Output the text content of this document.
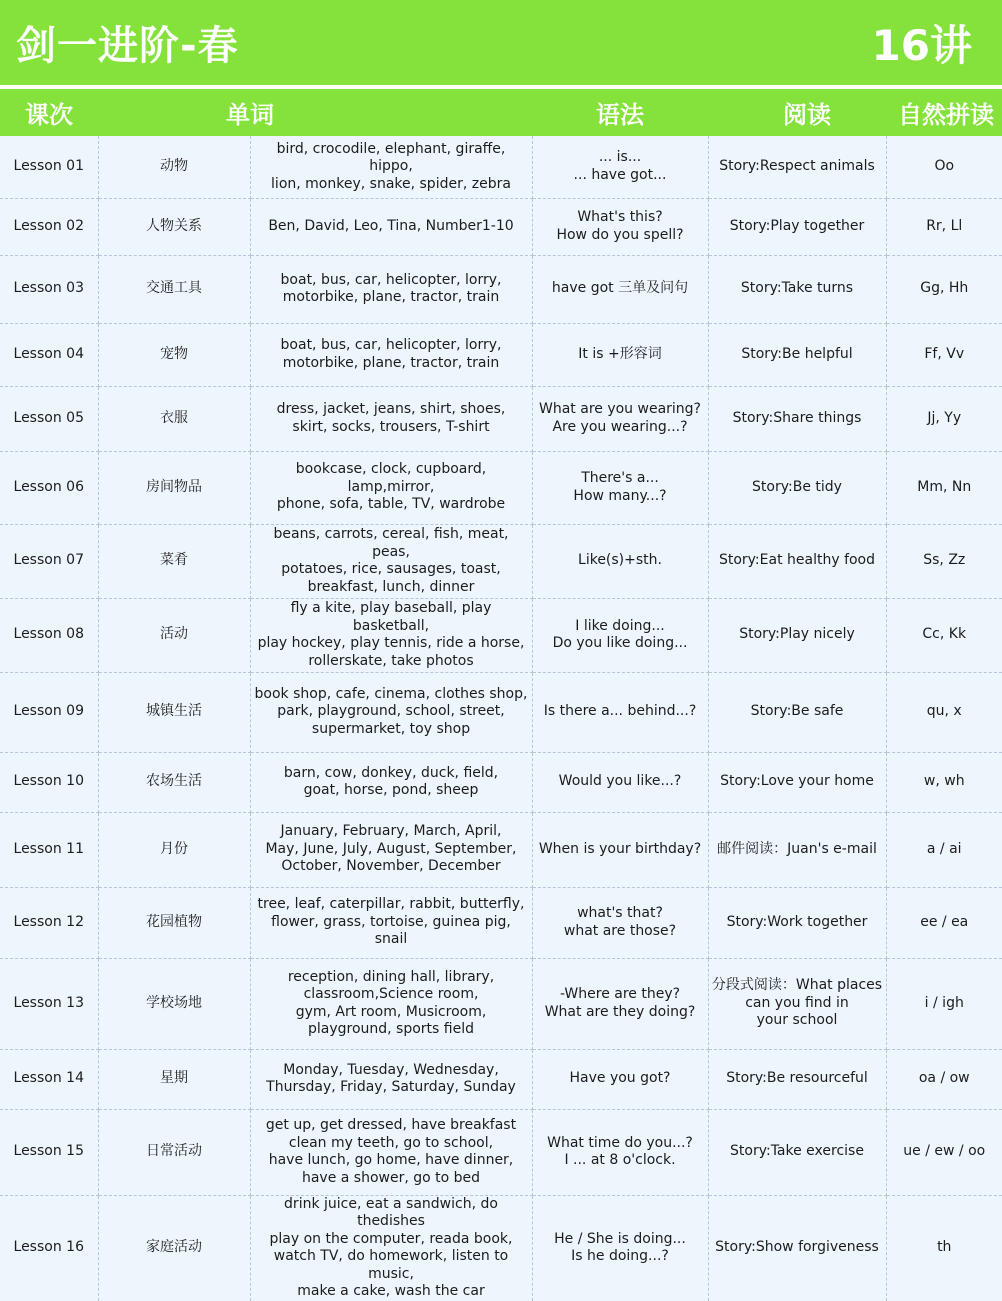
剑一进阶-春	16讲
课次	单词	语法	阅读	自然拼读
Lesson 01	动物	bird, crocodile, elephant, giraffe, hippo,
lion, monkey, snake, spider, zebra	... is...
... have got...	Story:Respect animals	Oo
Lesson 02	人物关系	Ben, David, Leo, Tina, Number1-10	What's this?
How do you spell?	Story:Play together	Rr, Ll
Lesson 03	交通工具	boat, bus, car, helicopter, lorry,
motorbike, plane, tractor, train	have got 三单及问句	Story:Take turns	Gg, Hh
Lesson 04	宠物	boat, bus, car, helicopter, lorry,
motorbike, plane, tractor, train	It is +形容词	Story:Be helpful	Ff, Vv
Lesson 05	衣服	dress, jacket, jeans, shirt, shoes,
skirt, socks, trousers, T-shirt	What are you wearing?
Are you wearing...?	Story:Share things	Jj, Yy
Lesson 06	房间物品	bookcase, clock, cupboard, lamp,mirror,
phone, sofa, table, TV, wardrobe	There's a...
How many...?	Story:Be tidy	Mm, Nn
Lesson 07	菜肴	beans, carrots, cereal, fish, meat, peas,
potatoes, rice, sausages, toast,
breakfast, lunch, dinner	Like(s)+sth.	Story:Eat healthy food	Ss, Zz
Lesson 08	活动	fly a kite, play baseball, play basketball,
play hockey, play tennis, ride a horse,
rollerskate, take photos	I like doing...
Do you like doing...	Story:Play nicely	Cc, Kk
Lesson 09	城镇生活	book shop, cafe, cinema, clothes shop,
park, playground, school, street,
supermarket, toy shop	Is there a... behind...?	Story:Be safe	qu, x
Lesson 10	农场生活	barn, cow, donkey, duck, field,
goat, horse, pond, sheep	Would you like...?	Story:Love your home	w, wh
Lesson 11	月份	January, February, March, April,
May, June, July, August, September,
October, November, December	When is your birthday?	邮件阅读：Juan's e-mail	a / ai
Lesson 12	花园植物	tree, leaf, caterpillar, rabbit, butterfly,
flower, grass, tortoise, guinea pig, snail	what's that?
what are those?	Story:Work together	ee / ea
Lesson 13	学校场地	reception, dining hall, library,
classroom,Science room,
gym, Art room, Musicroom,
playground, sports field	-Where are they?
What are they doing?	分段式阅读：What places
can you find in
your school	i / igh
Lesson 14	星期	Monday, Tuesday, Wednesday,
Thursday, Friday, Saturday, Sunday	Have you got?	Story:Be resourceful	oa / ow
Lesson 15	日常活动	get up, get dressed, have breakfast
clean my teeth, go to school,
have lunch, go home, have dinner,
have a shower, go to bed	What time do you...?
I ... at 8 o'clock.	Story:Take exercise	ue / ew / oo
Lesson 16	家庭活动	drink juice, eat a sandwich, do thedishes
play on the computer, reada book,
watch TV, do homework, listen to music,
make a cake, wash the car	He / She is doing...
Is he doing...?	Story:Show forgiveness	th
